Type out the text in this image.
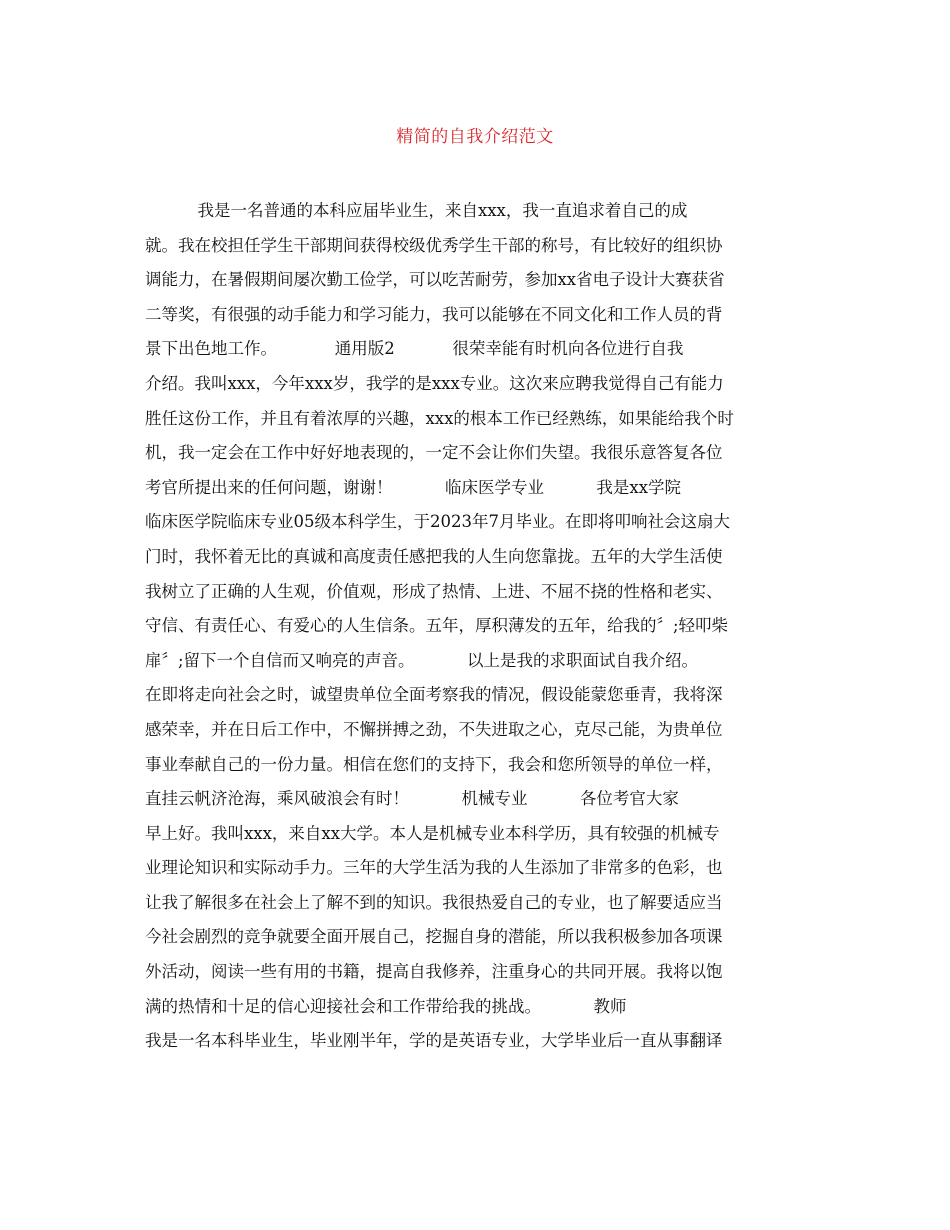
精简的自我介绍范文
我是一名普通的本科应届毕业生，来自xxx，我一直追求着自己的成
就。我在校担任学生干部期间获得校级优秀学生干部的称号，有比较好的组织协
调能力，在暑假期间屡次勤工俭学，可以吃苦耐劳，参加xx省电子设计大赛获省
二等奖，有很强的动手能力和学习能力，我可以能够在不同文化和工作人员的背
景下出色地工作。           通用版2           很荣幸能有时机向各位进行自我
介绍。我叫xxx，今年xxx岁，我学的是xxx专业。这次来应聘我觉得自己有能力
胜任这份工作，并且有着浓厚的兴趣，xxx的根本工作已经熟练，如果能给我个时
机，我一定会在工作中好好地表现的，一定不会让你们失望。我很乐意答复各位
考官所提出来的任何问题，谢谢！          临床医学专业          我是xx学院
临床医学院临床专业05级本科学生，于2023年7月毕业。在即将叩响社会这扇大
门时，我怀着无比的真诚和高度责任感把我的人生向您靠拢。五年的大学生活使
我树立了正确的人生观，价值观，形成了热情、上进、不屈不挠的性格和老实、
守信、有责任心、有爱心的人生信条。五年，厚积薄发的五年，给我的〞;轻叩柴
扉〞;留下一个自信而又响亮的声音。          以上是我的求职面试自我介绍。
在即将走向社会之时，诚望贵单位全面考察我的情况，假设能蒙您垂青，我将深
感荣幸，并在日后工作中，不懈拼搏之劲，不失进取之心，克尽己能，为贵单位
事业奉献自己的一份力量。相信在您们的支持下，我会和您所领导的单位一样，
直挂云帆济沧海，乘风破浪会有时！          机械专业          各位考官大家
早上好。我叫xxx，来自xx大学。本人是机械专业本科学历，具有较强的机械专
业理论知识和实际动手力。三年的大学生活为我的人生添加了非常多的色彩，也
让我了解很多在社会上了解不到的知识。我很热爱自己的专业，也了解要适应当
今社会剧烈的竞争就要全面开展自己，挖掘自身的潜能，所以我积极参加各项课
外活动，阅读一些有用的书籍，提高自我修养，注重身心的共同开展。我将以饱
满的热情和十足的信心迎接社会和工作带给我的挑战。          教师
我是一名本科毕业生，毕业刚半年，学的是英语专业，大学毕业后一直从事翻译
